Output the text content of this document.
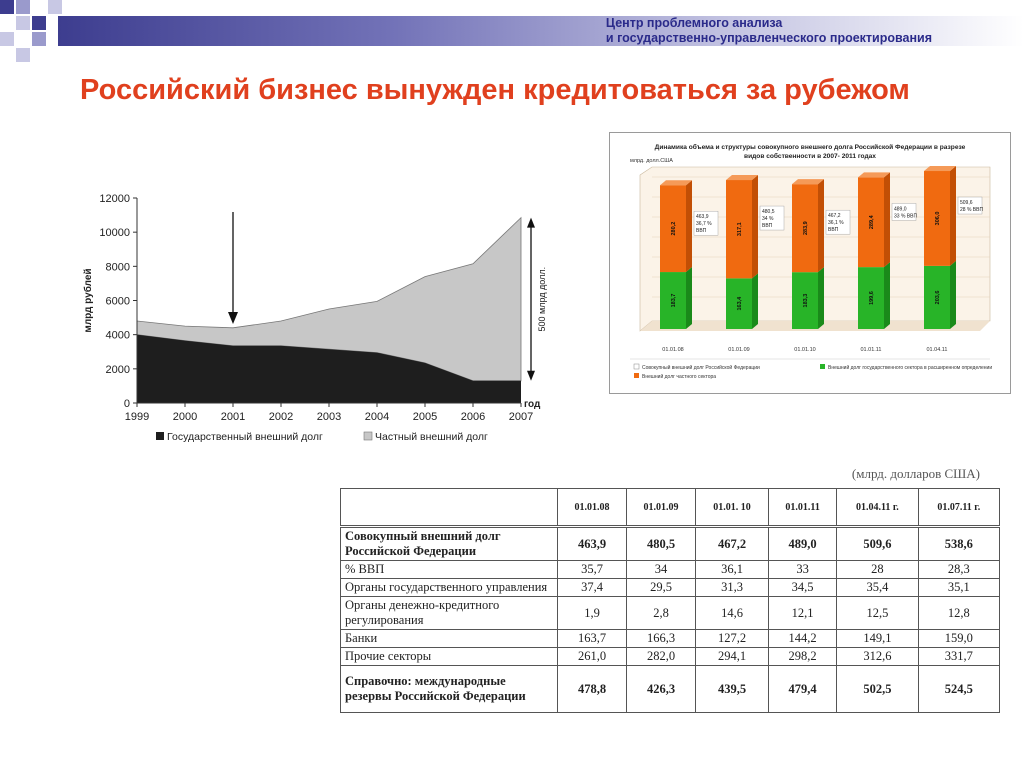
Центр проблемного анализа
и государственно-управленческого проектирования
Российский бизнес вынужден кредитоваться за рубежом
0
2000
4000
6000
8000
10000
12000
1999 2000 2001 2002 2003 2004 2005 2006 2007
год
млрд рублей	500 млрд долл.
Государственный внешний долг	Частный внешний долг
Динамика объема и структуры совокупного внешнего долга Российской Федерации в разрезе
видов собственности в 2007- 2011 годах
млрд. долл.США
183,7
280,2
463,9
36,7 %
ВВП
01.01.08
163,4
317,1
480,5
34 %
ВВП
01.01.09
183,3
283,9
467,2
36,1 %
ВВП
01.01.10
199,6
289,4
489,0
33 % ВВП
01.01.11
203,6
306,0
509,6
28 % ВВП
01.04.11
Совокупный внешний долг Российской Федерации	Внешний долг государственного сектора в расширенном определении
Внешний долг частного сектора
(млрд. долларов США)
	01.01.08	01.01.09	01.01. 10	01.01.11	01.04.11 г.	01.07.11 г.
Совокупный внешний долг Российской Федерации	463,9	480,5	467,2	489,0	509,6	538,6
% ВВП	35,7	34	36,1	33	28	28,3
Органы государственного управления	37,4	29,5	31,3	34,5	35,4	35,1
Органы денежно-кредитного регулирования	1,9	2,8	14,6	12,1	12,5	12,8
Банки	163,7	166,3	127,2	144,2	149,1	159,0
Прочие секторы	261,0	282,0	294,1	298,2	312,6	331,7
Справочно: международные резервы Российской Федерации	478,8	426,3	439,5	479,4	502,5	524,5
